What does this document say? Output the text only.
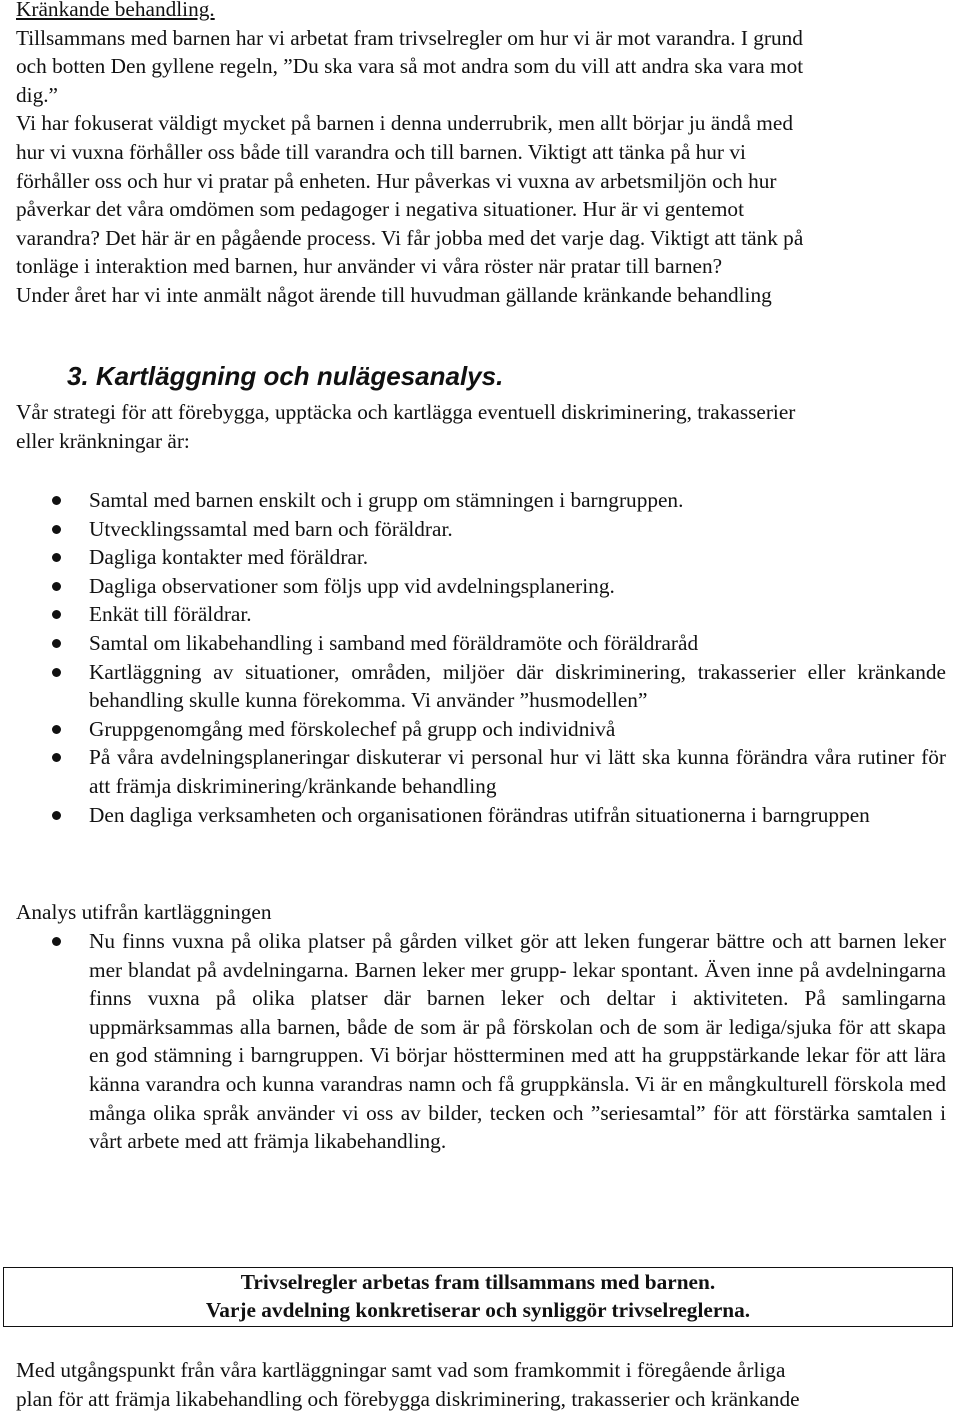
Kränkande behandling.
Tillsammans med barnen har vi arbetat fram trivselregler om hur vi är mot varandra. I grund
och botten Den gyllene regeln, ”Du ska vara så mot andra som du vill att andra ska vara mot
dig.”
Vi har fokuserat väldigt mycket på barnen i denna underrubrik, men allt börjar ju ändå med
hur vi vuxna förhåller oss både till varandra och till barnen. Viktigt att tänka på hur vi
förhåller oss och hur vi pratar på enheten. Hur påverkas vi vuxna av arbetsmiljön och hur
påverkar det våra omdömen som pedagoger i negativa situationer. Hur är vi gentemot
varandra? Det här är en pågående process. Vi får jobba med det varje dag. Viktigt att tänk på
tonläge i interaktion med barnen, hur använder vi våra röster när pratar till barnen?
Under året har vi inte anmält något ärende till huvudman gällande kränkande behandling
3. Kartläggning och nulägesanalys.
Vår strategi för att förebygga, upptäcka och kartlägga eventuell diskriminering, trakasserier
eller kränkningar är:
Samtal med barnen enskilt och i grupp om stämningen i barngruppen.
Utvecklingssamtal med barn och föräldrar.
Dagliga kontakter med föräldrar.
Dagliga observationer som följs upp vid avdelningsplanering.
Enkät till föräldrar.
Samtal om likabehandling i samband med föräldramöte och föräldraråd
Kartläggning av situationer, områden, miljöer där diskriminering, trakasserier eller kränkande behandling skulle kunna förekomma. Vi använder ”husmodellen”
Gruppgenomgång med förskolechef på grupp och individnivå
På våra avdelningsplaneringar diskuterar vi personal hur vi lätt ska kunna förändra våra rutiner för att främja diskriminering/kränkande behandling
Den dagliga verksamheten och organisationen förändras utifrån situationerna i barngruppen
Analys utifrån kartläggningen
Nu finns vuxna på olika platser på gården vilket gör att leken fungerar bättre och att barnen leker mer blandat på avdelningarna. Barnen leker mer grupp- lekar spontant. Även inne på avdelningarna finns vuxna på olika platser där barnen leker och deltar i aktiviteten. På samlingarna uppmärksammas alla barnen, både de som är på förskolan och de som är lediga/sjuka för att skapa en god stämning i barngruppen. Vi börjar höstterminen med att ha gruppstärkande lekar för att lära känna varandra och kunna varandras namn och få gruppkänsla. Vi är en mångkulturell förskola med många olika språk använder vi oss av bilder, tecken och ”seriesamtal” för att förstärka samtalen i vårt arbete med att främja likabehandling.
Trivselregler arbetas fram tillsammans med barnen.
Varje avdelning konkretiserar och synliggör trivselreglerna.
Med utgångspunkt från våra kartläggningar samt vad som framkommit i föregående årliga
plan för att främja likabehandling och förebygga diskriminering, trakasserier och kränkande
